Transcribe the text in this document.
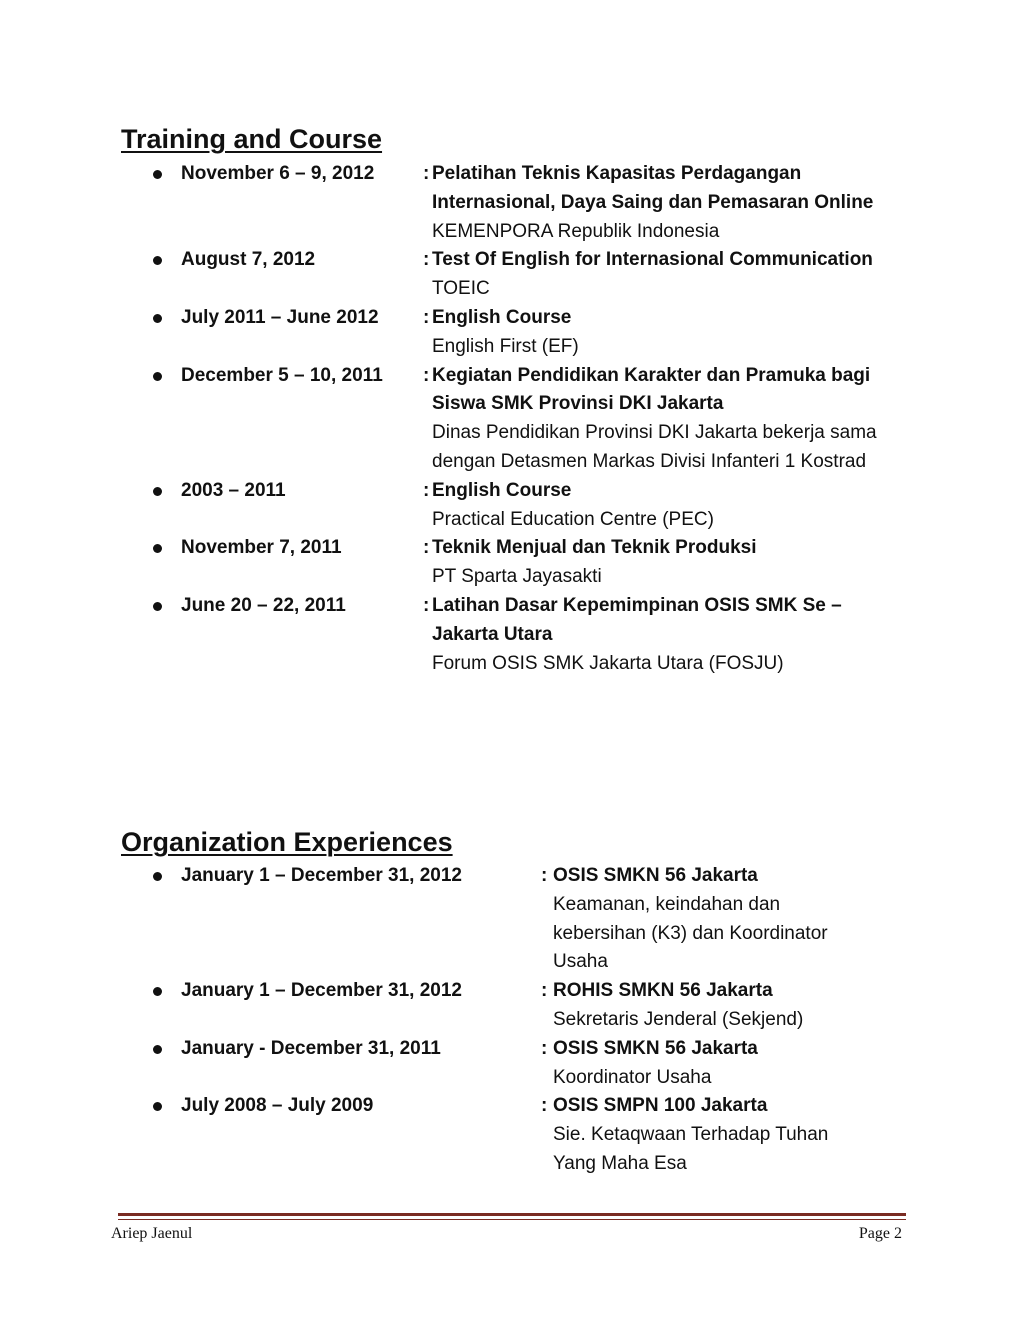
Training and Course
November 6 – 9, 2012	: Pelatihan Teknis Kapasitas Perdagangan Internasional, Daya Saing dan Pemasaran Online
KEMENPORA Republik Indonesia
August 7, 2012	: Test Of English for Internasional Communication
TOEIC
July 2011 – June 2012 : English Course
English First (EF)
December 5 – 10, 2011 : Kegiatan Pendidikan Karakter dan Pramuka bagi Siswa SMK Provinsi DKI Jakarta
Dinas Pendidikan Provinsi DKI Jakarta bekerja sama dengan Detasmen Markas Divisi Infanteri 1 Kostrad
2003 – 2011	: English Course
Practical Education Centre (PEC)
November 7, 2011	: Teknik Menjual dan Teknik Produksi
PT Sparta Jayasakti
June 20 – 22, 2011	: Latihan Dasar Kepemimpinan OSIS SMK Se – Jakarta Utara
Forum OSIS SMK Jakarta Utara (FOSJU)
Organization Experiences
January 1 – December 31, 2012	: OSIS SMKN 56 Jakarta
Keamanan, keindahan dan kebersihan (K3) dan Koordinator Usaha
January 1 – December 31, 2012	: ROHIS SMKN 56 Jakarta
Sekretaris Jenderal (Sekjend)
January - December 31, 2011	: OSIS SMKN 56 Jakarta
Koordinator Usaha
July 2008 – July 2009	: OSIS SMPN 100 Jakarta
Sie. Ketaqwaan Terhadap Tuhan Yang Maha Esa
Ariep Jaenul	Page 2
